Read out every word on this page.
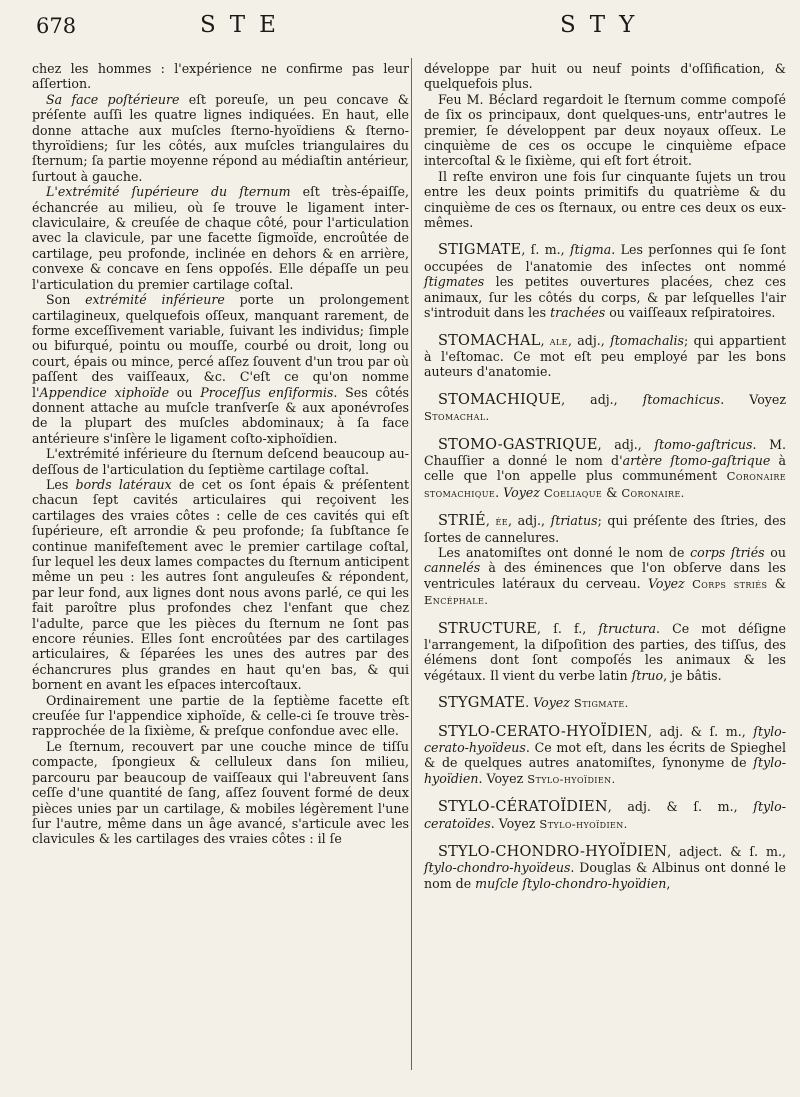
678	STE	STY

chez les hommes : l'expérience ne confirme pas leur aſſertion.

Sa face poſtérieure eſt poreuſe, un peu concave & préſente auſſi les quatre lignes indiquées. En haut, elle donne attache aux muſcles ſterno-hyoïdiens & ſterno-thyroïdiens; ſur les côtés, aux muſcles triangulaires du ſternum; ſa partie moyenne répond au médiaſtin antérieur, ſurtout à gauche.

L'extrémité ſupérieure du ſternum eſt très-épaiſſe, échancrée au milieu, où ſe trouve le ligament inter-claviculaire, & creuſée de chaque côté, pour l'articulation avec la clavicule, par une facette ſigmoïde, encroûtée de cartilage, peu profonde, inclinée en dehors & en arrière, convexe & concave en ſens oppoſés. Elle dépaſſe un peu l'articulation du premier cartilage coſtal.

Son extrémité inférieure porte un prolongement cartilagineux, quelquefois oſſeux, manquant rarement, de forme exceſſivement variable, ſuivant les individus; ſimple ou bifurqué, pointu ou mouſſe, courbé ou droit, long ou court, épais ou mince, percé aſſez ſouvent d'un trou par où paſſent des vaiſſeaux, &c. C'eſt ce qu'on nomme l'Appendice xiphoïde ou Proceſſus enſiformis. Ses côtés donnent attache au muſcle tranſverſe & aux aponévroſes de la plupart des muſcles abdominaux; à ſa face antérieure s'inſère le ligament coſto-xiphoïdien.

L'extrémité inférieure du ſternum deſcend beaucoup au-deſſous de l'articulation du ſeptième cartilage coſtal.

Les bords latéraux de cet os ſont épais & préſentent chacun ſept cavités articulaires qui reçoivent les cartilages des vraies côtes : celle de ces cavités qui eſt ſupérieure, eſt arrondie & peu profonde; ſa ſubſtance ſe continue manifeſtement avec le premier cartilage coſtal, ſur lequel les deux lames compactes du ſternum anticipent même un peu : les autres ſont anguleuſes & répondent, par leur fond, aux lignes dont nous avons parlé, ce qui les fait paroître plus profondes chez l'enfant que chez l'adulte, parce que les pièces du ſternum ne ſont pas encore réunies. Elles ſont encroûtées par des cartilages articulaires, & ſéparées les unes des autres par des échancrures plus grandes en haut qu'en bas, & qui bornent en avant les eſpaces intercoſtaux.

Ordinairement une partie de la ſeptième facette eſt creuſée ſur l'appendice xiphoïde, & celle-ci ſe trouve très-rapprochée de la ſixième, & preſque confondue avec elle.

Le ſternum, recouvert par une couche mince de tiſſu compacte, ſpongieux & celluleux dans ſon milieu, parcouru par beaucoup de vaiſſeaux qui l'abreuvent ſans ceſſe d'une quantité de ſang, aſſez ſouvent formé de deux pièces unies par un cartilage, & mobiles légèrement l'une ſur l'autre, même dans un âge avancé, s'articule avec les clavicules & les cartilages des vraies côtes : il ſe

développe par huit ou neuf points d'oſſification, & quelquefois plus.

Feu M. Béclard regardoit le ſternum comme compoſé de ſix os principaux, dont quelques-uns, entr'autres le premier, ſe développent par deux noyaux oſſeux. Le cinquième de ces os occupe le cinquième eſpace intercoſtal & le ſixième, qui eſt fort étroit.

Il reſte environ une fois ſur cinquante ſujets un trou entre les deux points primitifs du quatrième & du cinquième de ces os ſternaux, ou entre ces deux os eux-mêmes.

STIGMATE, ſ. m., ſtigma. Les perſonnes qui ſe ſont occupées de l'anatomie des inſectes ont nommé ſtigmates les petites ouvertures placées, chez ces animaux, ſur les côtés du corps, & par leſquelles l'air s'introduit dans les trachées ou vaiſſeaux reſpiratoires.

STOMACHAL, ale, adj., ſtomachalis; qui appartient à l'eſtomac. Ce mot eſt peu employé par les bons auteurs d'anatomie.

STOMACHIQUE, adj., ſtomachicus. Voyez Stomachal.

STOMO-GASTRIQUE, adj., ſtomo-gaſtricus. M. Chauſſier a donné le nom d'artère ſtomo-gaſtrique à celle que l'on appelle plus communément Coronaire stomachique. Voyez Coeliaque & Coronaire.

STRIÉ, ée, adj., ſtriatus; qui préſente des ſtries, des ſortes de cannelures.

Les anatomiſtes ont donné le nom de corps ſtriés ou cannelés à des éminences que l'on obſerve dans les ventricules latéraux du cerveau. Voyez Corps striés & Encéphale.

STRUCTURE, ſ. f., ſtructura. Ce mot déſigne l'arrangement, la diſpoſition des parties, des tiſſus, des élémens dont ſont compoſés les animaux & les végétaux. Il vient du verbe latin ſtruo, je bâtis.

STYGMATE. Voyez Stigmate.

STYLO-CERATO-HYOÏDIEN, adj. & ſ. m., ſtylo-cerato-hyoïdeus. Ce mot eſt, dans les écrits de Spieghel & de quelques autres anatomiſtes, ſynonyme de ſtylo-hyoïdien. Voyez Stylo-hyoïdien.

STYLO-CÉRATOÏDIEN, adj. & ſ. m., ſtylo-ceratoïdes. Voyez Stylo-hyoïdien.

STYLO-CHONDRO-HYOÏDIEN, adject. & ſ. m., ſtylo-chondro-hyoïdeus. Douglas & Albinus ont donné le nom de muſcle ſtylo-chondro-hyoïdien,
